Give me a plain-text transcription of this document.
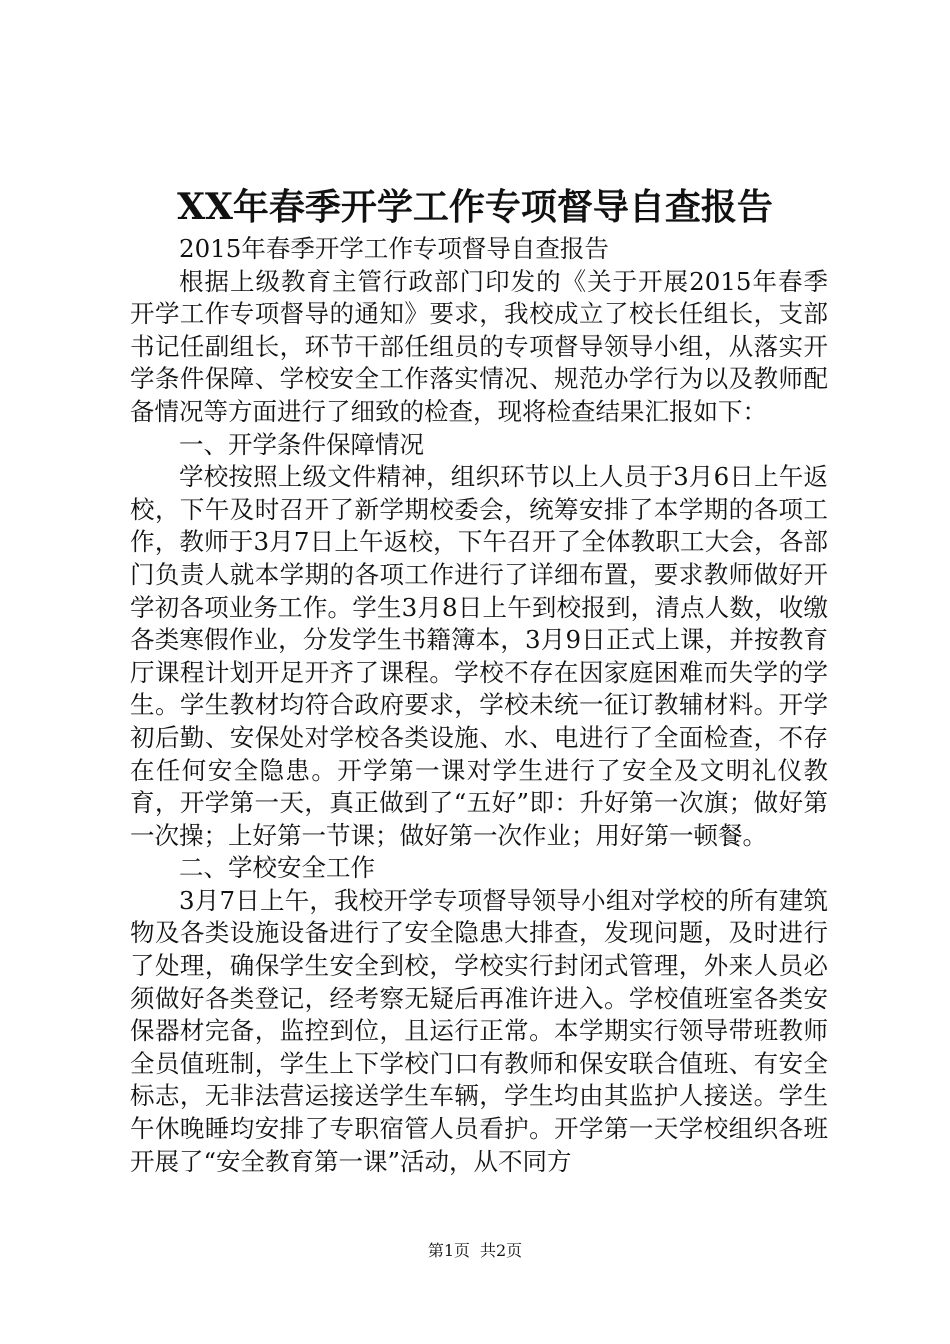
XX年春季开学工作专项督导自查报告

2015年春季开学工作专项督导自查报告

根据上级教育主管行政部门印发的《关于开展2015年春季开学工作专项督导的通知》要求，我校成立了校长任组长，支部书记任副组长，环节干部任组员的专项督导领导小组，从落实开学条件保障、学校安全工作落实情况、规范办学行为以及教师配备情况等方面进行了细致的检查，现将检查结果汇报如下：

一、开学条件保障情况

学校按照上级文件精神，组织环节以上人员于3月6日上午返校，下午及时召开了新学期校委会，统筹安排了本学期的各项工作，教师于3月7日上午返校，下午召开了全体教职工大会，各部门负责人就本学期的各项工作进行了详细布置，要求教师做好开学初各项业务工作。学生3月8日上午到校报到，清点人数，收缴各类寒假作业，分发学生书籍簿本，3月9日正式上课，并按教育厅课程计划开足开齐了课程。学校不存在因家庭困难而失学的学生。学生教材均符合政府要求，学校未统一征订教辅材料。开学初后勤、安保处对学校各类设施、水、电进行了全面检查，不存在任何安全隐患。开学第一课对学生进行了安全及文明礼仪教育，开学第一天，真正做到了“五好”即：升好第一次旗；做好第一次操；上好第一节课；做好第一次作业；用好第一顿餐。

二、学校安全工作

3月7日上午，我校开学专项督导领导小组对学校的所有建筑物及各类设施设备进行了安全隐患大排查，发现问题，及时进行了处理，确保学生安全到校，学校实行封闭式管理，外来人员必须做好各类登记，经考察无疑后再准许进入。学校值班室各类安保器材完备，监控到位，且运行正常。本学期实行领导带班教师全员值班制，学生上下学校门口有教师和保安联合值班、有安全标志，无非法营运接送学生车辆，学生均由其监护人接送。学生午休晚睡均安排了专职宿管人员看护。开学第一天学校组织各班开展了“安全教育第一课”活动，从不同方

第1页 共2页
